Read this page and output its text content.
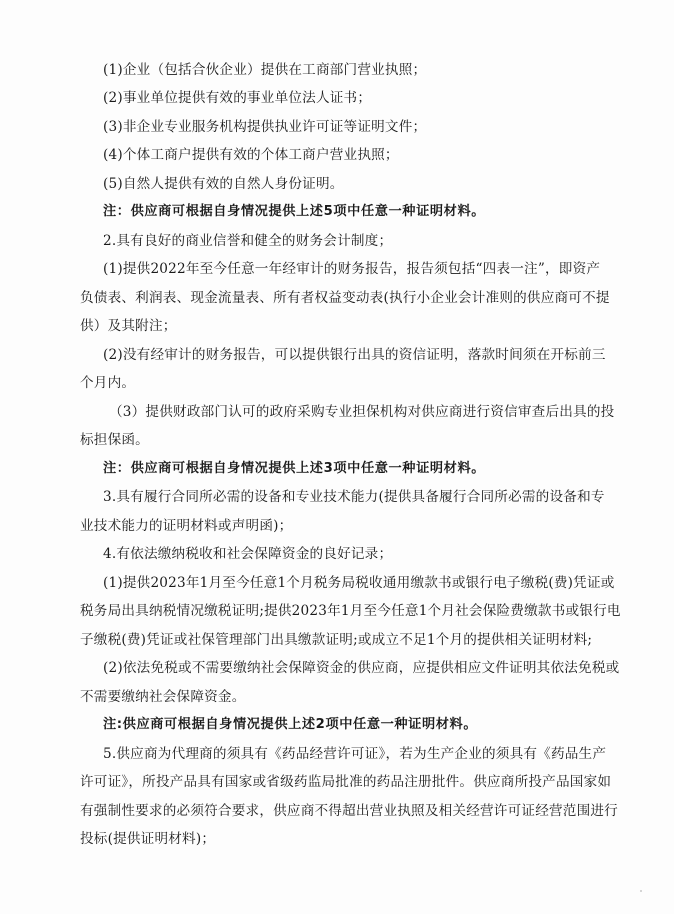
(1)企业（包括合伙企业）提供在工商部门营业执照；
(2)事业单位提供有效的事业单位法人证书；
(3)非企业专业服务机构提供执业许可证等证明文件；
(4)个体工商户提供有效的个体工商户营业执照；
(5)自然人提供有效的自然人身份证明。
注：供应商可根据自身情况提供上述5项中任意一种证明材料。
2.具有良好的商业信誉和健全的财务会计制度；
(1)提供2022年至今任意一年经审计的财务报告，报告须包括“四表一注”，即资产
负债表、利润表、现金流量表、所有者权益变动表(执行小企业会计准则的供应商可不提
供）及其附注；
(2)没有经审计的财务报告，可以提供银行出具的资信证明，落款时间须在开标前三
个月内。
（3）提供财政部门认可的政府采购专业担保机构对供应商进行资信审查后出具的投
标担保函。
注：供应商可根据自身情况提供上述3项中任意一种证明材料。
3.具有履行合同所必需的设备和专业技术能力(提供具备履行合同所必需的设备和专
业技术能力的证明材料或声明函)；
4.有依法缴纳税收和社会保障资金的良好记录；
(1)提供2023年1月至今任意1个月税务局税收通用缴款书或银行电子缴税(费)凭证或
税务局出具纳税情况缴税证明;提供2023年1月至今任意1个月社会保险费缴款书或银行电
子缴税(费)凭证或社保管理部门出具缴款证明;或成立不足1个月的提供相关证明材料;
(2)依法免税或不需要缴纳社会保障资金的供应商，应提供相应文件证明其依法免税或
不需要缴纳社会保障资金。
注:供应商可根据自身情况提供上述2项中任意一种证明材料。
5.供应商为代理商的须具有《药品经营许可证》，若为生产企业的须具有《药品生产
许可证》，所投产品具有国家或省级药监局批准的药品注册批件。供应商所投产品国家如
有强制性要求的必须符合要求，供应商不得超出营业执照及相关经营许可证经营范围进行
投标(提供证明材料)；
